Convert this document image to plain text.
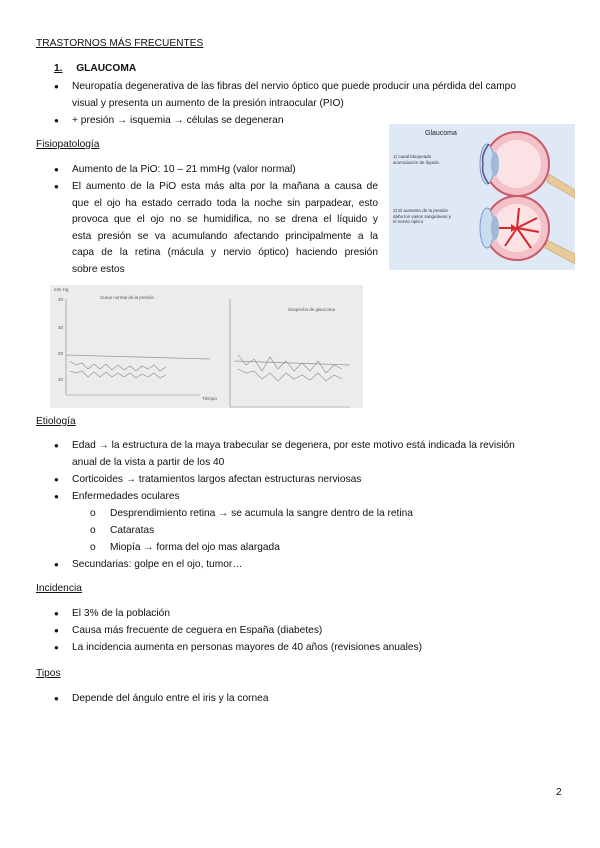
TRASTORNOS MÁS FRECUENTES
1. GLAUCOMA
● Neuropatía degenerativa de las fibras del nervio óptico que puede producir una pérdida del campo
visual y presenta un aumento de la presión intraocular (PIO)
● + presión → isquemia → células se degeneran
Fisiopatología
● Aumento de la PiO: 10 – 21 mmHg (valor normal)
● El aumento de la PiO esta más alta por la mañana a causa de
que el ojo ha estado cerrado toda la noche sin parpadear, esto
provoca que el ojo no se humidifica, no se drena el líquido y
esta presión se va acumulando afectando principalmente a la
capa de la retina (mácula y nervio óptico) haciendo presión
sobre estos
Glaucoma
1) canal bloqueado acumulación de líquido
2) El aumento de la presión daña los vasos sanguíneos y el nervio óptico
mm Hg
Curva normal de la presión
Sospecha de glaucoma
40
30
20
10
Tiempo
Etiología
● Edad → la estructura de la maya trabecular se degenera, por este motivo está indicada la revisión
anual de la vista a partir de los 40
● Corticoides → tratamientos largos afectan estructuras nerviosas
● Enfermedades oculares
o Desprendimiento retina → se acumula la sangre dentro de la retina
o Cataratas
o Miopía → forma del ojo mas alargada
● Secundarias: golpe en el ojo, tumor…
Incidencia
● El 3% de la población
● Causa más frecuente de ceguera en España (diabetes)
● La incidencia aumenta en personas mayores de 40 años (revisiones anuales)
Tipos
● Depende del ángulo entre el iris y la cornea
2
